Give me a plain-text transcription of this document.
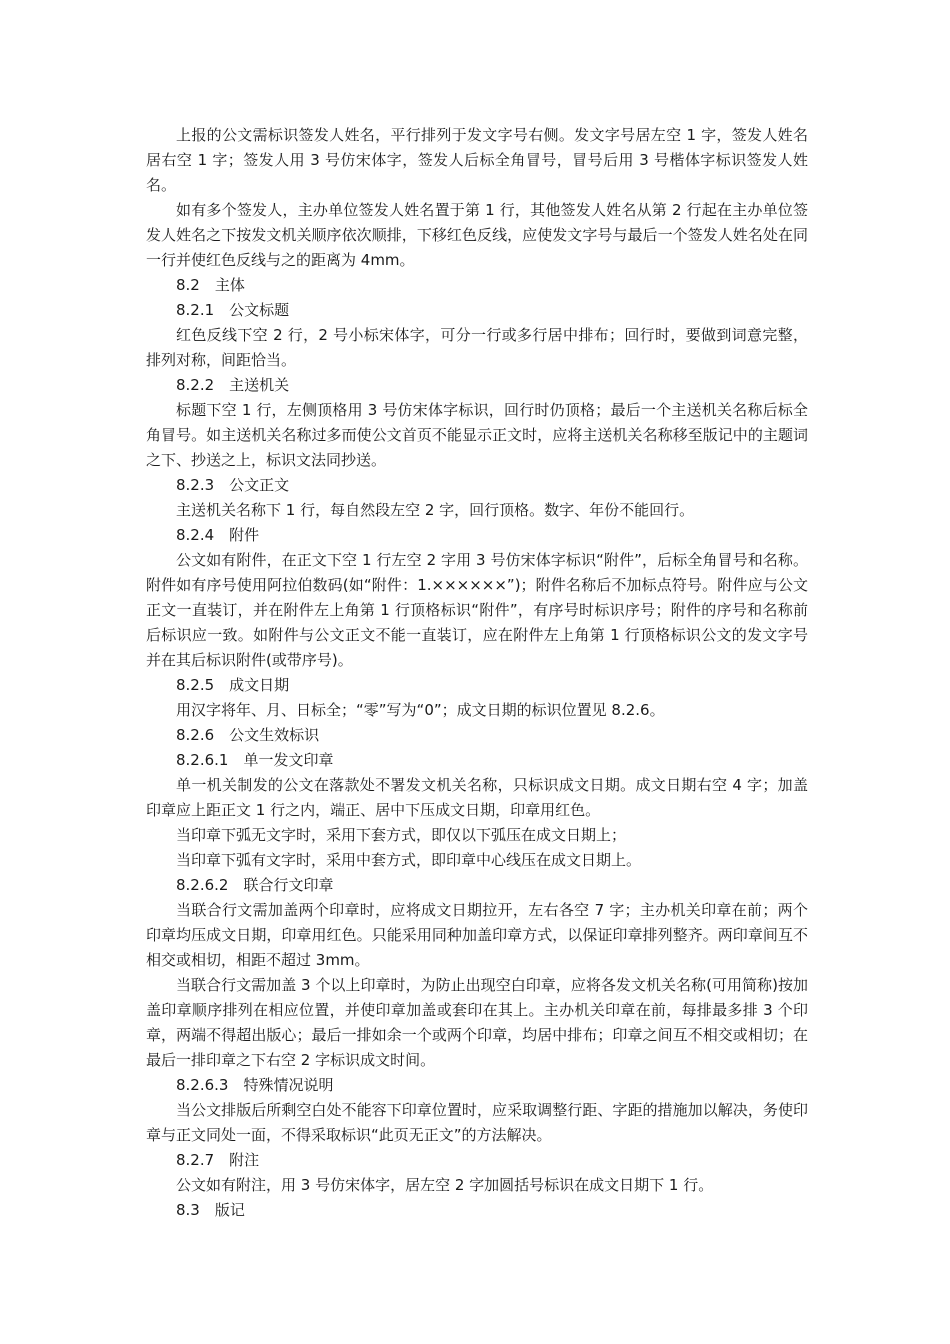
上报的公文需标识签发人姓名，平行排列于发文字号右侧。发文字号居左空 1 字，签发人姓名居右空 1 字；签发人用 3 号仿宋体字，签发人后标全角冒号，冒号后用 3 号楷体字标识签发人姓名。

如有多个签发人，主办单位签发人姓名置于第 1 行，其他签发人姓名从第 2 行起在主办单位签发人姓名之下按发文机关顺序依次顺排，下移红色反线，应使发文字号与最后一个签发人姓名处在同一行并使红色反线与之的距离为 4mm。

8.2　主体

8.2.1　公文标题

红色反线下空 2 行，2 号小标宋体字，可分一行或多行居中排布；回行时，要做到词意完整，排列对称，间距恰当。

8.2.2　主送机关

标题下空 1 行，左侧顶格用 3 号仿宋体字标识，回行时仍顶格；最后一个主送机关名称后标全角冒号。如主送机关名称过多而使公文首页不能显示正文时，应将主送机关名称移至版记中的主题词之下、抄送之上，标识文法同抄送。

8.2.3　公文正文

主送机关名称下 1 行，每自然段左空 2 字，回行顶格。数字、年份不能回行。

8.2.4　附件

公文如有附件，在正文下空 1 行左空 2 字用 3 号仿宋体字标识“附件”，后标全角冒号和名称。附件如有序号使用阿拉伯数码(如“附件：1.××××××”)；附件名称后不加标点符号。附件应与公文正文一直装订，并在附件左上角第 1 行顶格标识“附件”，有序号时标识序号；附件的序号和名称前后标识应一致。如附件与公文正文不能一直装订，应在附件左上角第 1 行顶格标识公文的发文字号并在其后标识附件(或带序号)。

8.2.5　成文日期

用汉字将年、月、日标全；“零”写为“0”；成文日期的标识位置见 8.2.6。

8.2.6　公文生效标识

8.2.6.1　单一发文印章

单一机关制发的公文在落款处不署发文机关名称，只标识成文日期。成文日期右空 4 字；加盖印章应上距正文 1 行之内，端正、居中下压成文日期，印章用红色。

当印章下弧无文字时，采用下套方式，即仅以下弧压在成文日期上；

当印章下弧有文字时，采用中套方式，即印章中心线压在成文日期上。

8.2.6.2　联合行文印章

当联合行文需加盖两个印章时，应将成文日期拉开，左右各空 7 字；主办机关印章在前；两个印章均压成文日期，印章用红色。只能采用同种加盖印章方式，以保证印章排列整齐。两印章间互不相交或相切，相距不超过 3mm。

当联合行文需加盖 3 个以上印章时，为防止出现空白印章，应将各发文机关名称(可用简称)按加盖印章顺序排列在相应位置，并使印章加盖或套印在其上。主办机关印章在前，每排最多排 3 个印章，两端不得超出版心；最后一排如余一个或两个印章，均居中排布；印章之间互不相交或相切；在最后一排印章之下右空 2 字标识成文时间。

8.2.6.3　特殊情况说明

当公文排版后所剩空白处不能容下印章位置时，应采取调整行距、字距的措施加以解决，务使印章与正文同处一面，不得采取标识“此页无正文”的方法解决。

8.2.7　附注

公文如有附注，用 3 号仿宋体字，居左空 2 字加圆括号标识在成文日期下 1 行。

8.3　版记
